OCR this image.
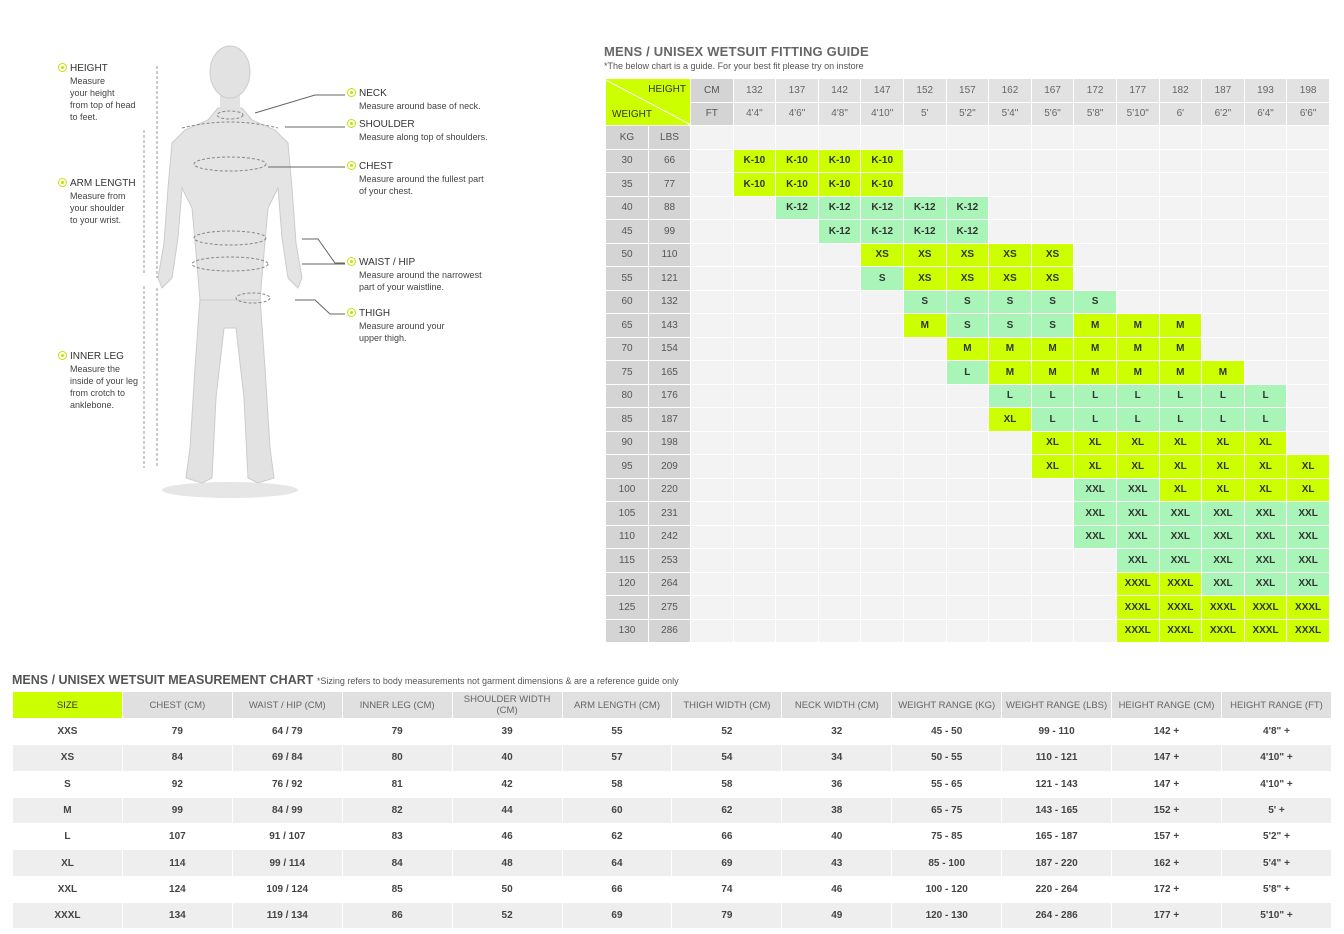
HEIGHT
Measure
your height
from top of head
to feet.
ARM LENGTH
Measure from
your shoulder
to your wrist.
INNER LEG
Measure the
inside of your leg
from crotch to
anklebone.
NECK
Measure around base of neck.
SHOULDER
Measure along top of shoulders.
CHEST
Measure around the fullest part
of your chest.
WAIST / HIP
Measure around the narrowest
part of your waistline.
THIGH
Measure around your
upper thigh.
MENS / UNISEX WETSUIT FITTING GUIDE
*The below chart is a guide. For your best fit please try on instore
HEIGHT
WEIGHT		CM	132	137	142	147	152	157	162	167	172	177	182	187	193	198
		FT	4'4"	4'6"	4'8"	4'10"	5'	5'2"	5'4"	5'6"	5'8"	5'10"	6'	6'2"	6'4"	6'6"
KG	LBS															
30	66		K-10	K-10	K-10	K-10										
35	77		K-10	K-10	K-10	K-10										
40	88			K-12	K-12	K-12	K-12	K-12								
45	99				K-12	K-12	K-12	K-12								
50	110					XS	XS	XS	XS	XS						
55	121					S	XS	XS	XS	XS						
60	132						S	S	S	S	S					
65	143						M	S	S	S	M	M	M			
70	154							M	M	M	M	M	M			
75	165							L	M	M	M	M	M	M		
80	176								L	L	L	L	L	L	L	
85	187								XL	L	L	L	L	L	L	
90	198									XL	XL	XL	XL	XL	XL	
95	209									XL	XL	XL	XL	XL	XL	XL
100	220										XXL	XXL	XL	XL	XL	XL
105	231										XXL	XXL	XXL	XXL	XXL	XXL
110	242										XXL	XXL	XXL	XXL	XXL	XXL
115	253											XXL	XXL	XXL	XXL	XXL
120	264											XXXL	XXXL	XXL	XXL	XXL
125	275											XXXL	XXXL	XXXL	XXXL	XXXL
130	286											XXXL	XXXL	XXXL	XXXL	XXXL
MENS / UNISEX WETSUIT MEASUREMENT CHART *Sizing refers to body measurements not garment dimensions & are a reference guide only
SIZE	CHEST (CM)	WAIST / HIP (CM)	INNER LEG (CM)	SHOULDER WIDTH (CM)	ARM LENGTH (CM)	THIGH WIDTH (CM)	NECK WIDTH (CM)	WEIGHT RANGE (KG)	WEIGHT RANGE (LBS)	HEIGHT RANGE (CM)	HEIGHT RANGE (FT)
XXS	79	64 / 79	79	39	55	52	32	45 - 50	99 - 110	142 +	4'8" +
XS	84	69 / 84	80	40	57	54	34	50 - 55	110 - 121	147 +	4'10" +
S	92	76 / 92	81	42	58	58	36	55 - 65	121 - 143	147 +	4'10" +
M	99	84 / 99	82	44	60	62	38	65 - 75	143 - 165	152 +	5' +
L	107	91 / 107	83	46	62	66	40	75 - 85	165 - 187	157 +	5'2" +
XL	114	99 / 114	84	48	64	69	43	85 - 100	187 - 220	162 +	5'4" +
XXL	124	109 / 124	85	50	66	74	46	100 - 120	220 - 264	172 +	5'8" +
XXXL	134	119 / 134	86	52	69	79	49	120 - 130	264 - 286	177 +	5'10" +
